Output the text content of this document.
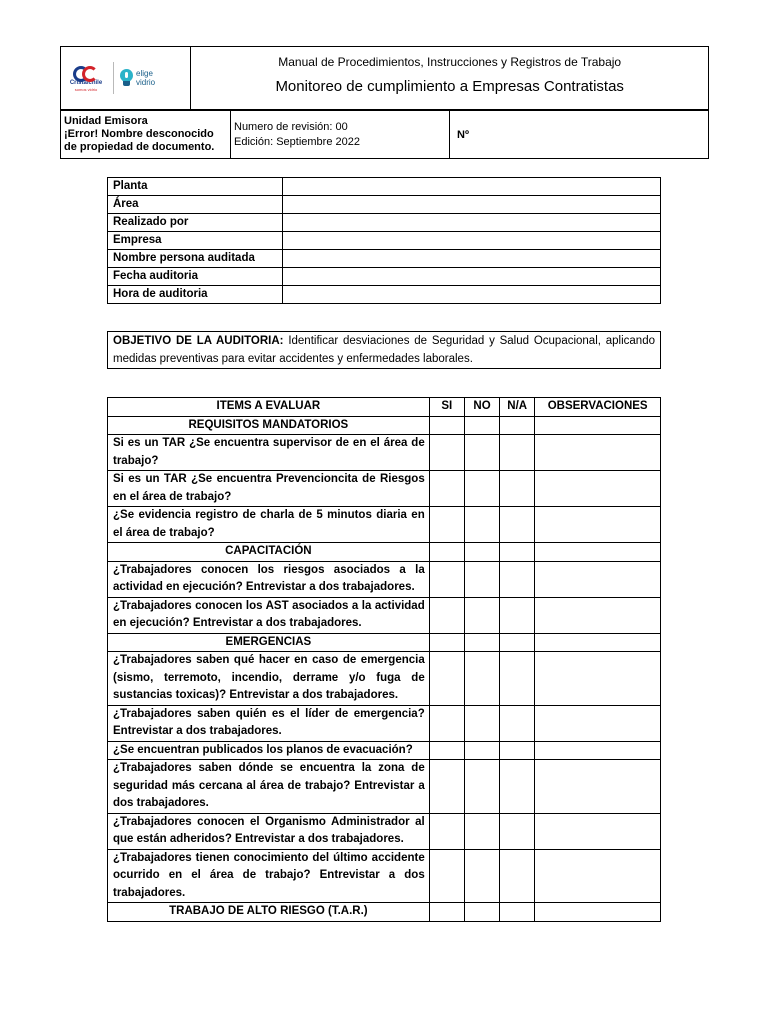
Cristalchile
somos vidrio
elige
vidrio

Manual de Procedimientos, Instrucciones y Registros de Trabajo
Monitoreo de cumplimiento a Empresas Contratistas
Unidad Emisora
¡Error! Nombre desconocido
de propiedad de documento.

Numero de revisión: 00
Edición: Septiembre 2022
	Nº
Planta	
Área	
Realizado por	
Empresa	
Nombre persona auditada	
Fecha auditoria	
Hora de auditoria	
OBJETIVO DE LA AUDITORIA: Identificar desviaciones de Seguridad y Salud Ocupacional, aplicando medidas preventivas para evitar accidentes y enfermedades laborales.
ITEMS A EVALUAR	SI	NO	N/A	OBSERVACIONES
REQUISITOS MANDATORIOS				
Si es un TAR ¿Se encuentra supervisor de en el área de trabajo?				
Si es un TAR ¿Se encuentra Prevencioncita de Riesgos en el área de trabajo?				
¿Se evidencia registro de charla de 5 minutos diaria en el área de trabajo?				
CAPACITACIÓN				
¿Trabajadores conocen los riesgos asociados a la actividad en ejecución? Entrevistar a dos trabajadores.				
¿Trabajadores conocen los AST asociados a la actividad en ejecución? Entrevistar a dos trabajadores.				
EMERGENCIAS				
¿Trabajadores saben qué hacer en caso de emergencia (sismo, terremoto, incendio, derrame y/o fuga de sustancias toxicas)? Entrevistar a dos trabajadores.				
¿Trabajadores saben quién es el líder de emergencia? Entrevistar a dos trabajadores.				
¿Se encuentran publicados los planos de evacuación?				
¿Trabajadores saben dónde se encuentra la zona de seguridad más cercana al área de trabajo? Entrevistar a dos trabajadores.				
¿Trabajadores conocen el Organismo Administrador al que están adheridos? Entrevistar a dos trabajadores.				
¿Trabajadores tienen conocimiento del último accidente ocurrido en el área de trabajo? Entrevistar a dos trabajadores.				
TRABAJO DE ALTO RIESGO (T.A.R.)				
